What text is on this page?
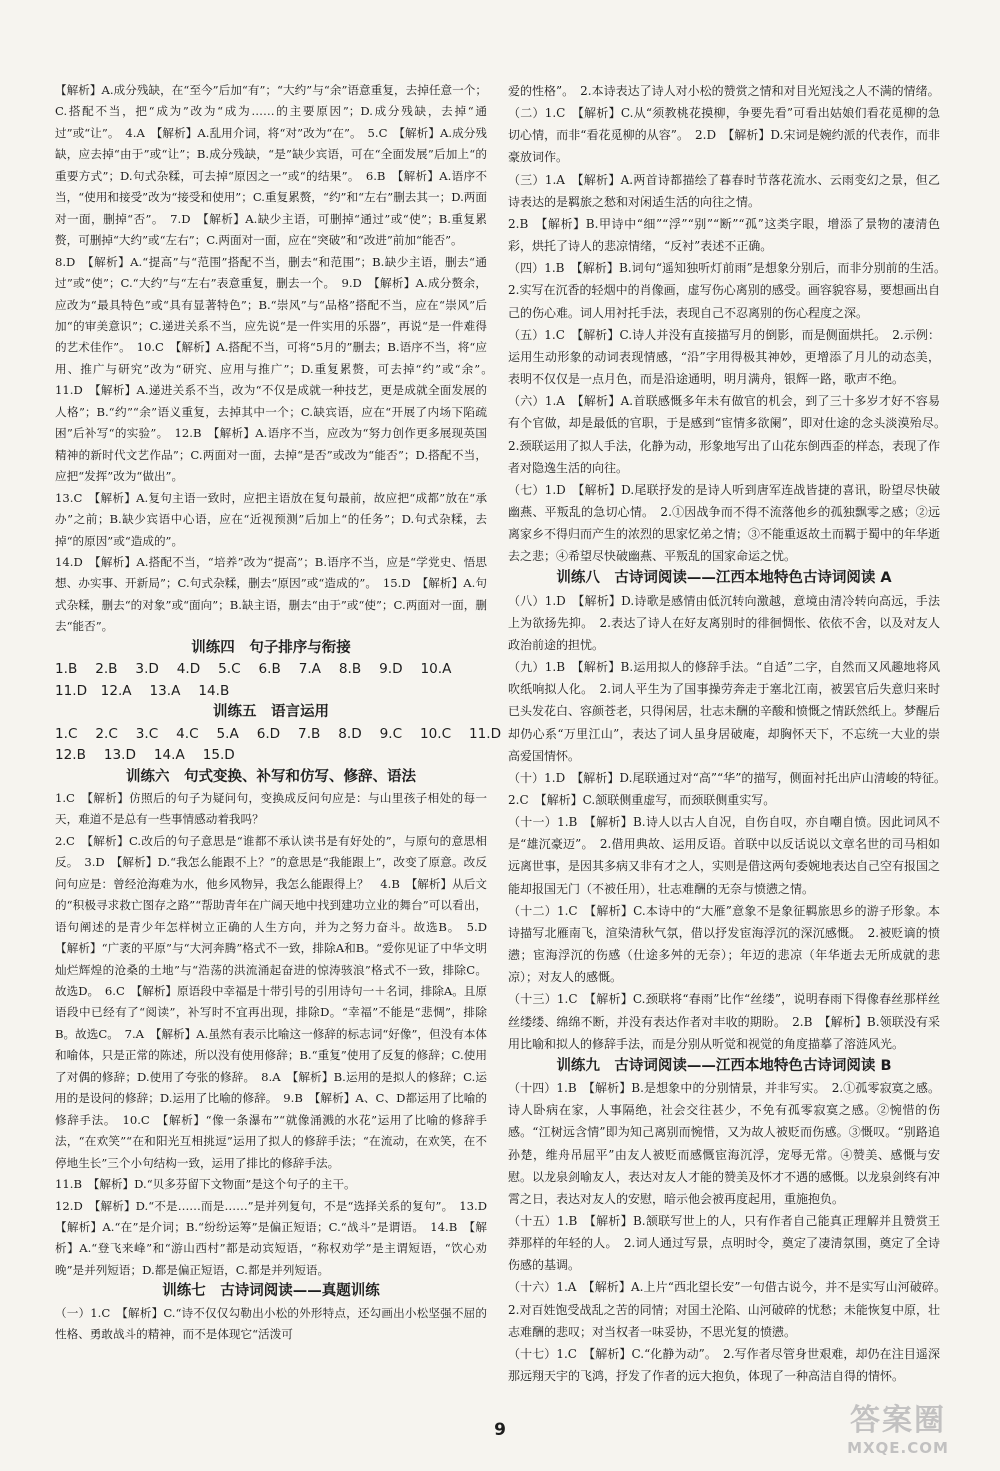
【解析】A.成分残缺，在“至今”后加“有”；“大约”与“余”语意重复，去掉任意一个；C.搭配不当，把“成为”改为“成为……的主要原因”；D.成分残缺，去掉“通过”或“让”。　4.A　【解析】A.乱用介词，将“对”改为“在”。　5.C　【解析】A.成分残缺，应去掉“由于”或“让”；B.成分残缺，“是”缺少宾语，可在“全面发展”后加上“的重要方式”；D.句式杂糅，可去掉“原因之一”或“的结果”。　6.B　【解析】A.语序不当，“使用和接受”改为“接受和使用”；C.重复累赘，“约”和“左右”删去其一；D.两面对一面，删掉“否”。　7.D　【解析】A.缺少主语，可删掉“通过”或“使”；B.重复累赘，可删掉“大约”或“左右”；C.两面对一面，应在“突破”和“改进”前加“能否”。

8.D　【解析】A.“提高”与“范围”搭配不当，删去“和范围”；B.缺少主语，删去“通过”或“使”；C.“大约”与“左右”表意重复，删去一个。　9.D　【解析】A.成分赘余，应改为“最具特色”或“具有显著特色”；B.“崇风”与“品格”搭配不当，应在“崇风”后加“的审美意识”；C.递进关系不当，应先说“是一件实用的乐器”，再说“是一件难得的艺术佳作”。　10.C　【解析】A.搭配不当，可将“5月的”删去；B.语序不当，将“应用、推广与研究”改为“研究、应用与推广”；D.重复累赘，可去掉“约”或“余”。　11.D　【解析】A.递进关系不当，改为“不仅是成就一种技艺，更是成就全面发展的人格”；B.“约”“余”语义重复，去掉其中一个；C.缺宾语，应在“开展了内场下陷疏困”后补写“的实验”。　12.B　【解析】A.语序不当，应改为“努力创作更多展现英国精神的新时代文艺作品”；C.两面对一面，去掉“是否”或改为“能否”；D.搭配不当，应把“发挥”改为“做出”。

13.C　【解析】A.复句主语一致时，应把主语放在复句最前，故应把“成都”放在“承办”之前；B.缺少宾语中心语，应在“近视预测”后加上“的任务”；D.句式杂糅，去掉“的原因”或“造成的”。

14.D　【解析】A.搭配不当，“培养”改为“提高”；B.语序不当，应是“学党史、悟思想、办实事、开新局”；C.句式杂糅，删去“原因”或“造成的”。　15.D　【解析】A.句式杂糅，删去“的对象”或“面向”；B.缺主语，删去“由于”或“使”；C.两面对一面，删去“能否”。

训练四　句子排序与衔接

1.B　 2.B　 3.D　 4.D　 5.C　 6.B　 7.A　 8.B　 9.D　 10.A
11.D　12.A　 13.A　 14.B

训练五　语言运用

1.C　 2.C　 3.C　 4.C　 5.A　 6.D　 7.B　 8.D　 9.C　 10.C　 11.D
12.B　 13.D　 14.A　 15.D

训练六　句式变换、补写和仿写、修辞、语法

1.C　【解析】仿照后的句子为疑问句，变换成反问句应是：与山里孩子相处的每一天，难道不是总有一些事情感动着我吗？

2.C　【解析】C.改后的句子意思是“谁都不承认读书是有好处的”，与原句的意思相反。　3.D　【解析】D.“我怎么能跟不上？”的意思是“我能跟上”，改变了原意。改反问句应是：曾经沧海难为水，他乡风物异，我怎么能跟得上？　4.B　【解析】从后文的“积极寻求救亡图存之路”“帮助青年在广阔天地中找到建功立业的舞台”可以看出，语句阐述的是青少年怎样树立正确的人生方向，并为之努力奋斗。故选B。　5.D　【解析】“广袤的平原”与“大河奔腾”格式不一致，排除A和B。“爱你见证了中华文明灿烂辉煌的沧桑的土地”与“浩荡的洪流涌起奋进的惊涛骇浪”格式不一致，排除C。故选D。　6.C　【解析】原语段中幸福是十带引号的引用诗句一＋名词，排除A。且原语段中已经有了“阅读”，补写时不宜再出现，排除D。“幸福”不能是“悲惆”，排除B。故选C。　7.A　【解析】A.虽然有表示比喻这一修辞的标志词“好像”，但没有本体和喻体，只是正常的陈述，所以没有使用修辞；B.“重复”使用了反复的修辞；C.使用了对偶的修辞；D.使用了夸张的修辞。　8.A　【解析】B.运用的是拟人的修辞；C.运用的是设问的修辞；D.运用了比喻的修辞。　9.B　【解析】A、C、D都运用了比喻的修辞手法。　10.C　【解析】“像一条瀑布”“就像涌溅的水花”运用了比喻的修辞手法，“在欢笑”“在和阳光互相挑逗”运用了拟人的修辞手法；“在流动，在欢笑，在不停地生长”三个小句结构一致，运用了排比的修辞手法。

11.B　【解析】D.“贝多芬留下文物面”是这个句子的主干。

12.D　【解析】D.“不是……而是……”是并列复句，不是“选择关系的复句”。　13.D　【解析】A.“在”是介词；B.“纷纷运筹”是偏正短语；C.“战斗”是谓语。　14.B　【解析】A.“登飞来峰”和“游山西村”都是动宾短语，“称权劝学”是主谓短语，“饮心劝晚”是并列短语；D.都是偏正短语，C.都是并列短语。

训练七　古诗词阅读——真题训练

（一）1.C　【解析】C.“诗不仅仅勾勒出小松的外形特点，还勾画出小松坚强不屈的性格、勇敢战斗的精神，而不是体现它“活泼可

爱的性格”。　2.本诗表达了诗人对小松的赞赏之情和对目光短浅之人不满的情绪。

（二）1.C　【解析】C.从“须教桃花摸柳，争要先看”可看出姑娘们看花觅柳的急切心情，而非“看花觅柳的从容”。　2.D　【解析】D.宋词是婉约派的代表作，而非豪放词作。

（三）1.A　【解析】A.两首诗都描绘了暮春时节落花流水、云雨变幻之景，但乙诗表达的是羁旅之愁和对闲适生活的向往之情。

2.B　【解析】B.甲诗中“细”“浮”“别”“断”“孤”这类字眼，增添了景物的凄清色彩，烘托了诗人的悲凉情绪，“反衬”表述不正确。

（四）1.B　【解析】B.词句“遥知独听灯前雨”是想象分别后，而非分别前的生活。　2.实写在沉香的轻烟中的肖像画，虚写伤心离别的感受。画容貌容易，要想画出自己的伤心难。词人用衬托手法，表现自己不忍离别的伤心程度之深。

（五）1.C　【解析】C.诗人并没有直接描写月的倒影，而是侧面烘托。　2.示例：运用生动形象的动词表现情感，“沿”字用得极其神妙，更增添了月儿的动态美，表明不仅仅是一点月色，而是沿途通明，明月满舟，银辉一路，歌声不绝。

（六）1.A　【解析】A.首联感慨多年未有做官的机会，到了三十多岁才好不容易有个官做，却是最低的官职，于是感到“宦情多欲阑”，即对仕途的念头淡漠殆尽。　2.颈联运用了拟人手法，化静为动，形象地写出了山花东倒西歪的样态，表现了作者对隐逸生活的向往。

（七）1.D　【解析】D.尾联抒发的是诗人听到唐军连战皆捷的喜讯，盼望尽快破幽燕、平叛乱的急切心情。　2.①因战争而不得不流落他乡的孤独飘零之感；②远离家乡不得归而产生的浓烈的思家忆弟之情；③不能重返故土而羁于蜀中的年华逝去之悲；④希望尽快破幽燕、平叛乱的国家命运之忧。

训练八　古诗词阅读——江西本地特色古诗词阅读 A

（八）1.D　【解析】D.诗歌是感情由低沉转向激越，意境由清冷转向高远，手法上为欲扬先抑。　2.表达了诗人在好友离别时的徘徊惆怅、依依不舍，以及对友人政治前途的担忧。

（九）1.B　【解析】B.运用拟人的修辞手法。“自适”二字，自然而又风趣地将风吹纸响拟人化。　2.词人平生为了国事操劳奔走于塞北江南，被罢官后失意归来时已头发花白、容颜苍老，只得闲居，壮志未酬的辛酸和愤慨之情跃然纸上。梦醒后却仍心系“万里江山”，表达了词人虽身居破庵，却胸怀天下，不忘统一大业的崇高爱国情怀。

（十）1.D　【解析】D.尾联通过对“高”“华”的描写，侧面衬托出庐山清峻的特征。　2.C　【解析】C.颔联侧重虚写，而颈联侧重实写。

（十一）1.B　【解析】B.诗人以古人自况，自伤自叹，亦自嘲自愤。因此词风不是“雄沉豪迈”。　2.借用典故、运用反语。首联中以反话说以文章名世的司马相如远离世事，是因其多病又非有才之人，实则是借这两句委婉地表达自己空有报国之能却报国无门（不被任用），壮志难酬的无奈与愤懑之情。

（十二）1.C　【解析】C.本诗中的“大雁”意象不是象征羁旅思乡的游子形象。本诗描写北雁南飞，渲染清秋气氛，借以抒发宦海浮沉的深沉感慨。　2.被贬谪的愤懑；宦海浮沉的伤感（仕途多舛的无奈）；年迈的悲凉（年华逝去无所成就的悲凉）；对友人的感慨。

（十三）1.C　【解析】C.颈联将“春雨”比作“丝缕”，说明春雨下得像春丝那样丝丝缕缕、绵绵不断，并没有表达作者对丰收的期盼。　2.B　【解析】B.领联没有采用比喻和拟人的修辞手法，而是分别从听觉和视觉的角度描摹了溶涟风光。

训练九　古诗词阅读——江西本地特色古诗词阅读 B

（十四）1.B　【解析】B.是想象中的分别情景，并非写实。　2.①孤零寂寞之感。诗人卧病在家，人事隔绝，社会交往甚少，不免有孤零寂寞之感。②惋惜的伤感。“江树远含情”即为知己离别而惋惜，又为故人被贬而伤感。③慨叹。“别路追孙楚，维舟吊屈平”由友人被贬而感慨宦海沉浮，宠辱无常。④赞美、感慨与安慰。以龙泉剑喻友人，表达对友人才能的赞美及怀才不遇的感慨。以龙泉剑终有冲霄之日，表达对友人的安慰，暗示他会被再度起用，重施抱负。

（十五）1.B　【解析】B.颔联写世上的人，只有作者自己能真正理解并且赞赏王莽那样的年轻的人。　2.词人通过写景，点明时令，奠定了凄清氛围，奠定了全诗伤感的基调。

（十六）1.A　【解析】A.上片“西北望长安”一句借古说今，并不是实写山河破碎。　2.对百姓饱受战乱之苦的同情；对国土沦陷、山河破碎的忧愁；未能恢复中原，壮志难酬的悲叹；对当权者一味妥协，不思光复的愤懑。

（十七）1.C　【解析】C.“化静为动”。　2.写作者尽管身世艰难，却仍在注目遥深那远翔天宇的飞鸿，抒发了作者的远大抱负，体现了一种高洁自得的情怀。

9	答案圈
MXQE.COM
